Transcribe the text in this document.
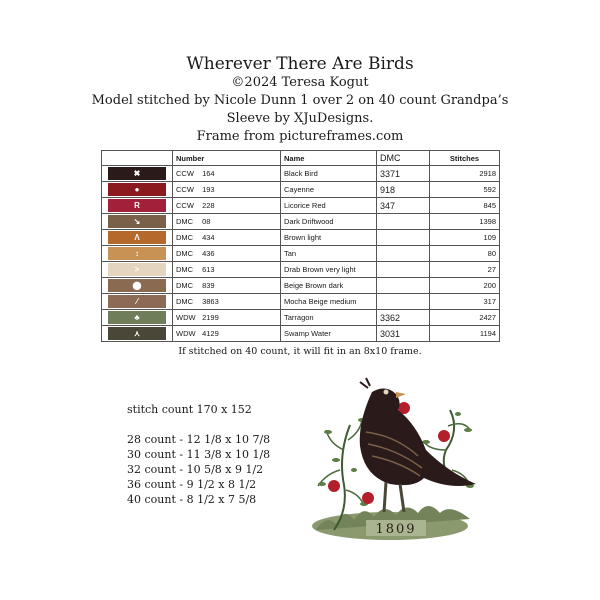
Wherever There Are Birds
©2024 Teresa Kogut
Model stitched by Nicole Dunn 1 over 2 on 40 count Grandpa’s
Sleeve by XJuDesigns.
Frame from pictureframes.com
	Number	Name	DMC	Stitches

✖	CCW 164	Black Bird	3371	2918

●	CCW 193	Cayenne	918	592

R	CCW 228	Licorice Red	347	845

↘	DMC 08	Dark Driftwood		1398

Λ	DMC 434	Brown light		109

↕	DMC 436	Tan		80

>	DMC 613	Drab Brown very light		27

⬤	DMC 839	Beige Brown dark		200

⁄	DMC 3863	Mocha Beige medium		317

♣	WDW 2199	Tarragon	3362	2427

⋏	WDW 4129	Swamp Water	3031	1194
If stitched on 40 count, it will fit in an 8x10 frame.
stitch count 170 x 152
28 count - 12 1/8 x 10 7/8
30 count - 11 3/8 x 10 1/8
32 count - 10 5/8 x 9 1/2
36 count - 9 1/2 x 8 1/2
40 count - 8 1/2 x 7 5/8
1809
